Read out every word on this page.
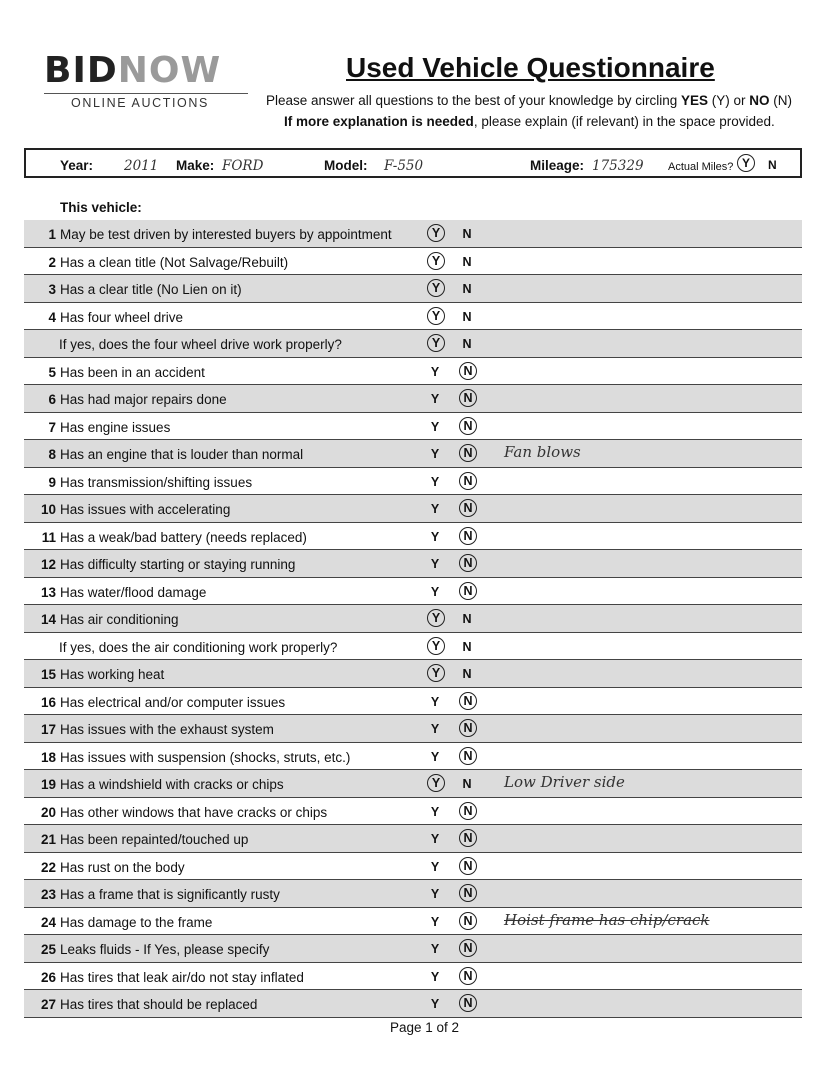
BIDNOW
ONLINE AUCTIONS
Used Vehicle Questionnaire
Please answer all questions to the best of your knowledge by circling YES (Y) or NO (N)
If more explanation is needed, please explain (if relevant) in the space provided.
Year: 2011 Make: FORD	Model: F-550	Mileage: 175329 Actual Miles? Y	N
This vehicle:
1 May be test driven by interested buyers by appointment	Y	N
2 Has a clean title (Not Salvage/Rebuilt)	Y	N
3 Has a clear title (No Lien on it)	Y	N
4 Has four wheel drive	Y	N
If yes, does the four wheel drive work properly?	Y	N
5 Has been in an accident	Y	N
6 Has had major repairs done	Y	N
7 Has engine issues	Y	N
8 Has an engine that is louder than normal	Y	N Fan blows
9 Has transmission/shifting issues	Y	N
10 Has issues with accelerating	Y	N
11 Has a weak/bad battery (needs replaced)	Y	N
12 Has difficulty starting or staying running	Y	N
13 Has water/flood damage	Y	N
14 Has air conditioning	Y	N
If yes, does the air conditioning work properly?	Y	N
15 Has working heat	Y	N
16 Has electrical and/or computer issues	Y	N
17 Has issues with the exhaust system	Y	N
18 Has issues with suspension (shocks, struts, etc.)	Y	N
19 Has a windshield with cracks or chips	Y	N Low Driver side
20 Has other windows that have cracks or chips	Y	N
21 Has been repainted/touched up	Y	N
22 Has rust on the body	Y	N
23 Has a frame that is significantly rusty	Y	N
24 Has damage to the frame	Y	N Hoist frame has chip/crack
25 Leaks fluids - If Yes, please specify	Y	N
26 Has tires that leak air/do not stay inflated	Y	N
27 Has tires that should be replaced	Y	N
Page 1 of 2
